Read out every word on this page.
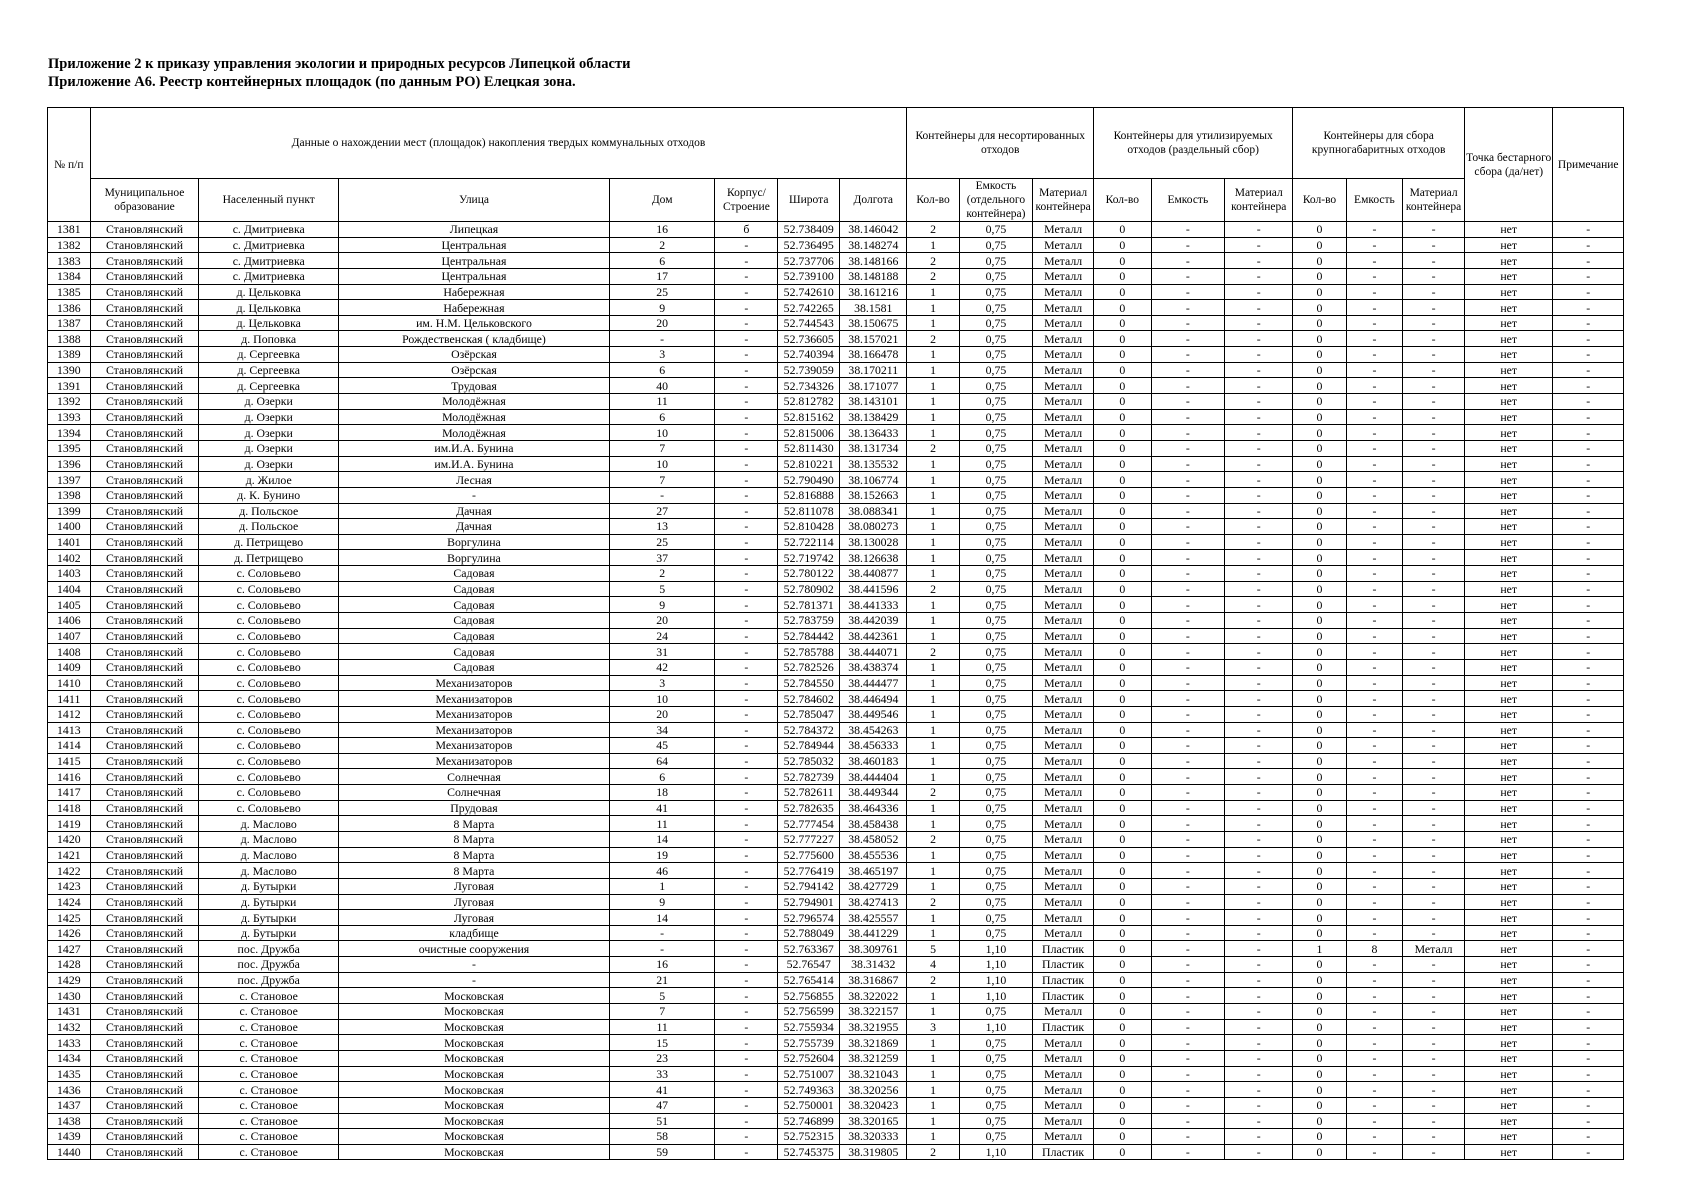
Приложение 2 к приказу управления экологии и природных ресурсов Липецкой области
Приложение А6. Реестр контейнерных площадок (по данным РО) Елецкая зона.
№ п/п	Данные о нахождении мест (площадок) накопления твердых коммунальных отходов							Контейнеры для несортированных отходов			Контейнеры для утилизируемых отходов (раздельный сбор)			Контейнеры для сбора крупногабаритных отходов			Точка бестарного сбора (да/нет)	Примечание
	Муниципальное образование	Населенный пункт	Улица	Дом	Корпус/ Строение	Широта	Долгота	Кол-во	Емкость (отдельного контейнера)	Материал контейнера	Кол-во	Емкость	Материал контейнера	Кол-во	Емкость	Материал контейнера		
1381	Становлянский	с. Дмитриевка	Липецкая	16	б	52.738409	38.146042	2	0,75	Металл	0	-	-	0	-	-	нет	-
1382	Становлянский	с. Дмитриевка	Центральная	2	-	52.736495	38.148274	1	0,75	Металл	0	-	-	0	-	-	нет	-
1383	Становлянский	с. Дмитриевка	Центральная	6	-	52.737706	38.148166	2	0,75	Металл	0	-	-	0	-	-	нет	-
1384	Становлянский	с. Дмитриевка	Центральная	17	-	52.739100	38.148188	2	0,75	Металл	0	-	-	0	-	-	нет	-
1385	Становлянский	д. Цельковка	Набережная	25	-	52.742610	38.161216	1	0,75	Металл	0	-	-	0	-	-	нет	-
1386	Становлянский	д. Цельковка	Набережная	9	-	52.742265	38.1581	1	0,75	Металл	0	-	-	0	-	-	нет	-
1387	Становлянский	д. Цельковка	им. Н.М. Цельковского	20	-	52.744543	38.150675	1	0,75	Металл	0	-	-	0	-	-	нет	-
1388	Становлянский	д. Поповка	Рождественская ( кладбище)	-	-	52.736605	38.157021	2	0,75	Металл	0	-	-	0	-	-	нет	-
1389	Становлянский	д. Сергеевка	Озёрская	3	-	52.740394	38.166478	1	0,75	Металл	0	-	-	0	-	-	нет	-
1390	Становлянский	д. Сергеевка	Озёрская	6	-	52.739059	38.170211	1	0,75	Металл	0	-	-	0	-	-	нет	-
1391	Становлянский	д. Сергеевка	Трудовая	40	-	52.734326	38.171077	1	0,75	Металл	0	-	-	0	-	-	нет	-
1392	Становлянский	д. Озерки	Молодёжная	11	-	52.812782	38.143101	1	0,75	Металл	0	-	-	0	-	-	нет	-
1393	Становлянский	д. Озерки	Молодёжная	6	-	52.815162	38.138429	1	0,75	Металл	0	-	-	0	-	-	нет	-
1394	Становлянский	д. Озерки	Молодёжная	10	-	52.815006	38.136433	1	0,75	Металл	0	-	-	0	-	-	нет	-
1395	Становлянский	д. Озерки	им.И.А. Бунина	7	-	52.811430	38.131734	2	0,75	Металл	0	-	-	0	-	-	нет	-
1396	Становлянский	д. Озерки	им.И.А. Бунина	10	-	52.810221	38.135532	1	0,75	Металл	0	-	-	0	-	-	нет	-
1397	Становлянский	д. Жилое	Лесная	7	-	52.790490	38.106774	1	0,75	Металл	0	-	-	0	-	-	нет	-
1398	Становлянский	д. К. Бунино	-	-	-	52.816888	38.152663	1	0,75	Металл	0	-	-	0	-	-	нет	-
1399	Становлянский	д. Польское	Дачная	27	-	52.811078	38.088341	1	0,75	Металл	0	-	-	0	-	-	нет	-
1400	Становлянский	д. Польское	Дачная	13	-	52.810428	38.080273	1	0,75	Металл	0	-	-	0	-	-	нет	-
1401	Становлянский	д. Петрищево	Воргулина	25	-	52.722114	38.130028	1	0,75	Металл	0	-	-	0	-	-	нет	-
1402	Становлянский	д. Петрищево	Воргулина	37	-	52.719742	38.126638	1	0,75	Металл	0	-	-	0	-	-	нет	-
1403	Становлянский	с. Соловьево	Садовая	2	-	52.780122	38.440877	1	0,75	Металл	0	-	-	0	-	-	нет	-
1404	Становлянский	с. Соловьево	Садовая	5	-	52.780902	38.441596	2	0,75	Металл	0	-	-	0	-	-	нет	-
1405	Становлянский	с. Соловьево	Садовая	9	-	52.781371	38.441333	1	0,75	Металл	0	-	-	0	-	-	нет	-
1406	Становлянский	с. Соловьево	Садовая	20	-	52.783759	38.442039	1	0,75	Металл	0	-	-	0	-	-	нет	-
1407	Становлянский	с. Соловьево	Садовая	24	-	52.784442	38.442361	1	0,75	Металл	0	-	-	0	-	-	нет	-
1408	Становлянский	с. Соловьево	Садовая	31	-	52.785788	38.444071	2	0,75	Металл	0	-	-	0	-	-	нет	-
1409	Становлянский	с. Соловьево	Садовая	42	-	52.782526	38.438374	1	0,75	Металл	0	-	-	0	-	-	нет	-
1410	Становлянский	с. Соловьево	Механизаторов	3	-	52.784550	38.444477	1	0,75	Металл	0	-	-	0	-	-	нет	-
1411	Становлянский	с. Соловьево	Механизаторов	10	-	52.784602	38.446494	1	0,75	Металл	0	-	-	0	-	-	нет	-
1412	Становлянский	с. Соловьево	Механизаторов	20	-	52.785047	38.449546	1	0,75	Металл	0	-	-	0	-	-	нет	-
1413	Становлянский	с. Соловьево	Механизаторов	34	-	52.784372	38.454263	1	0,75	Металл	0	-	-	0	-	-	нет	-
1414	Становлянский	с. Соловьево	Механизаторов	45	-	52.784944	38.456333	1	0,75	Металл	0	-	-	0	-	-	нет	-
1415	Становлянский	с. Соловьево	Механизаторов	64	-	52.785032	38.460183	1	0,75	Металл	0	-	-	0	-	-	нет	-
1416	Становлянский	с. Соловьево	Солнечная	6	-	52.782739	38.444404	1	0,75	Металл	0	-	-	0	-	-	нет	-
1417	Становлянский	с. Соловьево	Солнечная	18	-	52.782611	38.449344	2	0,75	Металл	0	-	-	0	-	-	нет	-
1418	Становлянский	с. Соловьево	Прудовая	41	-	52.782635	38.464336	1	0,75	Металл	0	-	-	0	-	-	нет	-
1419	Становлянский	д. Маслово	8 Марта	11	-	52.777454	38.458438	1	0,75	Металл	0	-	-	0	-	-	нет	-
1420	Становлянский	д. Маслово	8 Марта	14	-	52.777227	38.458052	2	0,75	Металл	0	-	-	0	-	-	нет	-
1421	Становлянский	д. Маслово	8 Марта	19	-	52.775600	38.455536	1	0,75	Металл	0	-	-	0	-	-	нет	-
1422	Становлянский	д. Маслово	8 Марта	46	-	52.776419	38.465197	1	0,75	Металл	0	-	-	0	-	-	нет	-
1423	Становлянский	д. Бутырки	Луговая	1	-	52.794142	38.427729	1	0,75	Металл	0	-	-	0	-	-	нет	-
1424	Становлянский	д. Бутырки	Луговая	9	-	52.794901	38.427413	2	0,75	Металл	0	-	-	0	-	-	нет	-
1425	Становлянский	д. Бутырки	Луговая	14	-	52.796574	38.425557	1	0,75	Металл	0	-	-	0	-	-	нет	-
1426	Становлянский	д. Бутырки	кладбище	-	-	52.788049	38.441229	1	0,75	Металл	0	-	-	0	-	-	нет	-
1427	Становлянский	пос. Дружба	очистные сооружения	-	-	52.763367	38.309761	5	1,10	Пластик	0	-	-	1	8	Металл	нет	-
1428	Становлянский	пос. Дружба	-	16	-	52.76547	38.31432	4	1,10	Пластик	0	-	-	0	-	-	нет	-
1429	Становлянский	пос. Дружба	-	21	-	52.765414	38.316867	2	1,10	Пластик	0	-	-	0	-	-	нет	-
1430	Становлянский	с. Становое	Московская	5	-	52.756855	38.322022	1	1,10	Пластик	0	-	-	0	-	-	нет	-
1431	Становлянский	с. Становое	Московская	7	-	52.756599	38.322157	1	0,75	Металл	0	-	-	0	-	-	нет	-
1432	Становлянский	с. Становое	Московская	11	-	52.755934	38.321955	3	1,10	Пластик	0	-	-	0	-	-	нет	-
1433	Становлянский	с. Становое	Московская	15	-	52.755739	38.321869	1	0,75	Металл	0	-	-	0	-	-	нет	-
1434	Становлянский	с. Становое	Московская	23	-	52.752604	38.321259	1	0,75	Металл	0	-	-	0	-	-	нет	-
1435	Становлянский	с. Становое	Московская	33	-	52.751007	38.321043	1	0,75	Металл	0	-	-	0	-	-	нет	-
1436	Становлянский	с. Становое	Московская	41	-	52.749363	38.320256	1	0,75	Металл	0	-	-	0	-	-	нет	-
1437	Становлянский	с. Становое	Московская	47	-	52.750001	38.320423	1	0,75	Металл	0	-	-	0	-	-	нет	-
1438	Становлянский	с. Становое	Московская	51	-	52.746899	38.320165	1	0,75	Металл	0	-	-	0	-	-	нет	-
1439	Становлянский	с. Становое	Московская	58	-	52.752315	38.320333	1	0,75	Металл	0	-	-	0	-	-	нет	-
1440	Становлянский	с. Становое	Московская	59	-	52.745375	38.319805	2	1,10	Пластик	0	-	-	0	-	-	нет	-
